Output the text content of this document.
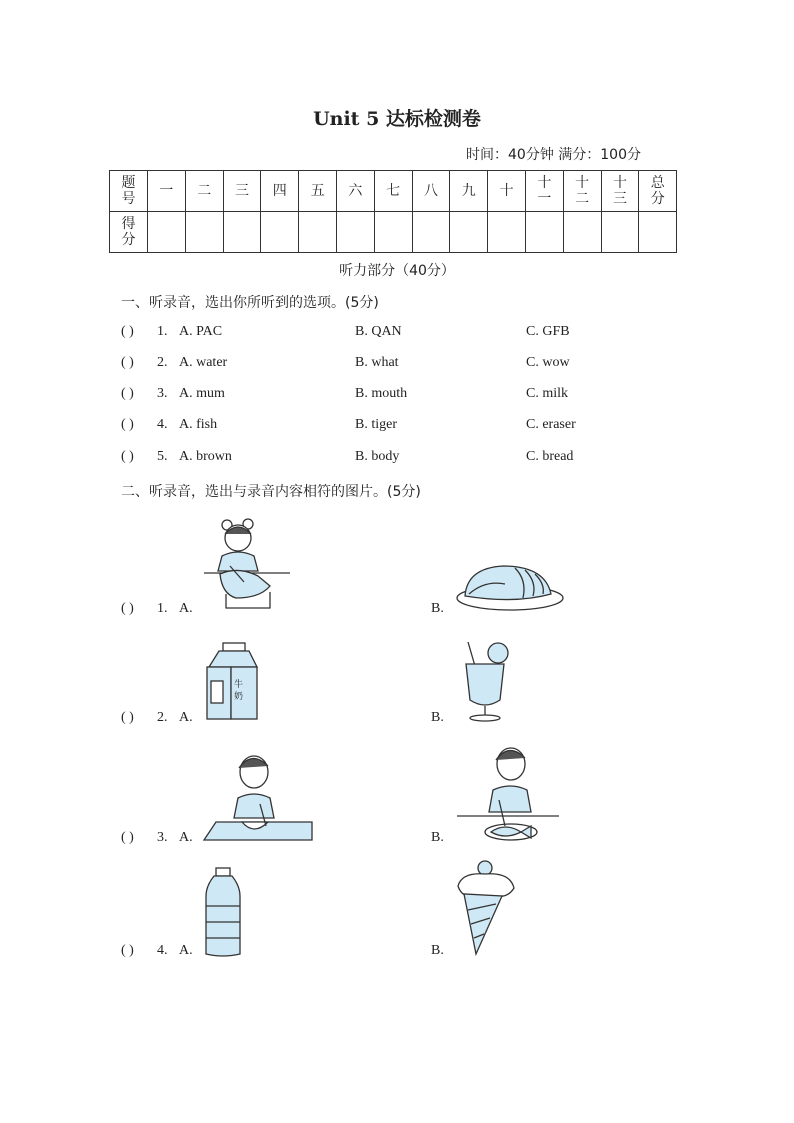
Unit 5 达标检测卷
时间：40分钟 满分：100分
题号	一	二	三	四	五	六	七	八	九	十	十一	十二	十三	总分
得分														
听力部分（40分）
一、听录音，选出你所听到的选项。(5分)
( ) 1. A. PAC	B. QAN	C. GFB
( ) 2. A. water	B. what	C. wow
( ) 3. A. mum	B. mouth	C. milk
( ) 4. A. fish	B. tiger	C. eraser
( ) 5. A. brown	B. body	C. bread
二、听录音，选出与录音内容相符的图片。(5分)
( ) 1. A.	B.
( ) 2. A.	B.
( ) 3. A.	B.
( ) 4. A.	B.
牛
奶
